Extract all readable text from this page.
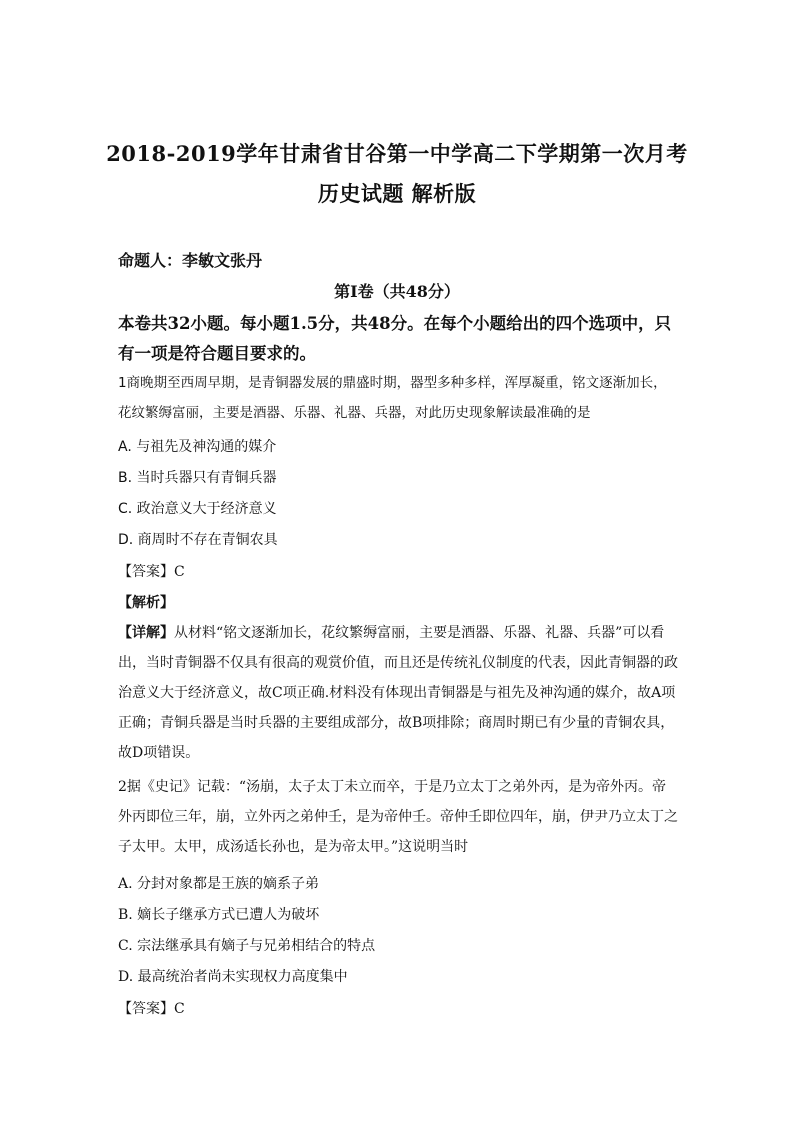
2018-2019学年甘肃省甘谷第一中学高二下学期第一次月考
历史试题 解析版
命题人：李敏文张丹
第Ⅰ卷（共48分）
本卷共32小题。每小题1.5分，共48分。在每个小题给出的四个选项中，只有一项是符合题目要求的。
1商晚期至西周早期，是青铜器发展的鼎盛时期，器型多种多样，浑厚凝重，铭文逐渐加长，花纹繁缛富丽，主要是酒器、乐器、礼器、兵器，对此历史现象解读最准确的是
A. 与祖先及神沟通的媒介
B. 当时兵器只有青铜兵器
C. 政治意义大于经济意义
D. 商周时不存在青铜农具
【答案】C
【解析】
【详解】从材料“铭文逐渐加长，花纹繁缛富丽，主要是酒器、乐器、礼器、兵器”可以看出，当时青铜器不仅具有很高的观赏价值，而且还是传统礼仪制度的代表，因此青铜器的政治意义大于经济意义，故C项正确.材料没有体现出青铜器是与祖先及神沟通的媒介，故A项正确；青铜兵器是当时兵器的主要组成部分，故B项排除；商周时期已有少量的青铜农具，故D项错误。
2据《史记》记载：“汤崩，太子太丁未立而卒，于是乃立太丁之弟外丙，是为帝外丙。帝外丙即位三年，崩，立外丙之弟仲壬，是为帝仲壬。帝仲壬即位四年，崩，伊尹乃立太丁之子太甲。太甲，成汤适长孙也，是为帝太甲。”这说明当时
A. 分封对象都是王族的嫡系子弟
B. 嫡长子继承方式已遭人为破坏
C. 宗法继承具有嫡子与兄弟相结合的特点
D. 最高统治者尚未实现权力高度集中
【答案】C
